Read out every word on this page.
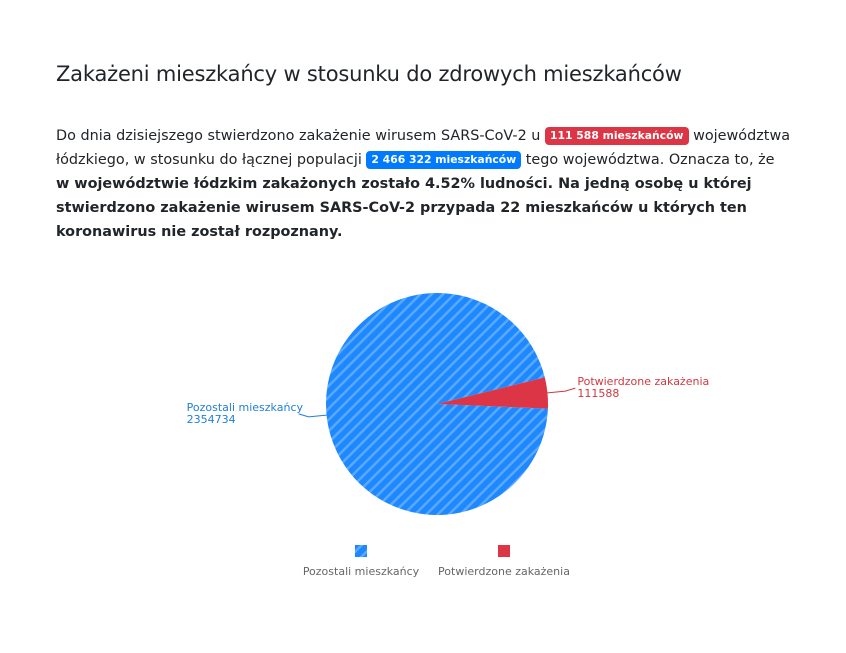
Zakażeni mieszkańcy w stosunku do zdrowych mieszkańców

Do dnia dzisiejszego stwierdzono zakażenie wirusem SARS-CoV-2 u 111 588 mieszkańców województwa łódzkiego, w stosunku do łącznej populacji 2 466 322 mieszkańców tego województwa. Oznacza to, że w województwie łódzkim zakażonych zostało 4.52% ludności. Na jedną osobę u której stwierdzono zakażenie wirusem SARS-CoV-2 przypada 22 mieszkańców u których ten koronawirus nie został rozpoznany.

Pozostali mieszkańcy
2354734
Potwierdzone zakażenia
111588
Pozostali mieszkańcy Potwierdzone zakażenia
